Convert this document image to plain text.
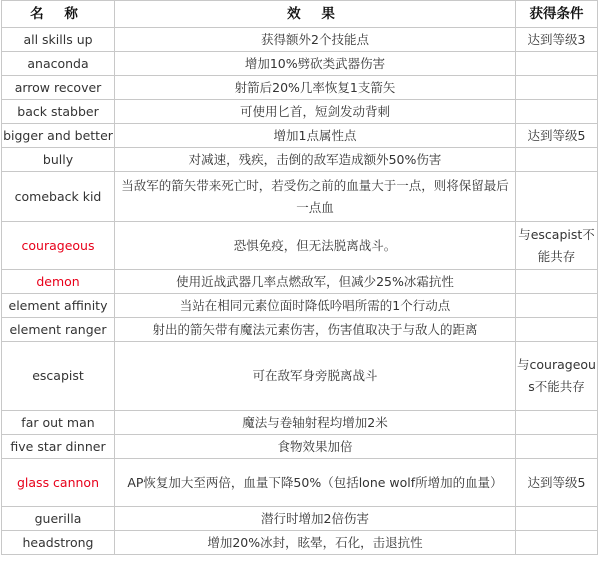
名 称	效 果	获得条件
all skills up	获得额外2个技能点	达到等级3
anaconda	增加10%劈砍类武器伤害	
arrow recover	射箭后20%几率恢复1支箭矢	
back stabber	可使用匕首，短剑发动背刺	
bigger and better	增加1点属性点	达到等级5
bully	对减速，残疾，击倒的敌军造成额外50%伤害	
comeback kid	当敌军的箭矢带来死亡时，若受伤之前的血量大于一点，则将保留最后一点血	
courageous	恐惧免疫，但无法脱离战斗。	与escapist不能共存
demon	使用近战武器几率点燃敌军，但减少25%冰霜抗性	
element affinity	当站在相同元素位面时降低吟唱所需的1个行动点	
element ranger	射出的箭矢带有魔法元素伤害，伤害值取决于与敌人的距离	
escapist	可在敌军身旁脱离战斗	与courageous不能共存
far out man	魔法与卷轴射程均增加2米	
five star dinner	食物效果加倍	
glass cannon	AP恢复加大至两倍，血量下降50%（包括lone wolf所增加的血量）	达到等级5
guerilla	潜行时增加2倍伤害	
headstrong	增加20%冰封，眩晕，石化，击退抗性	
